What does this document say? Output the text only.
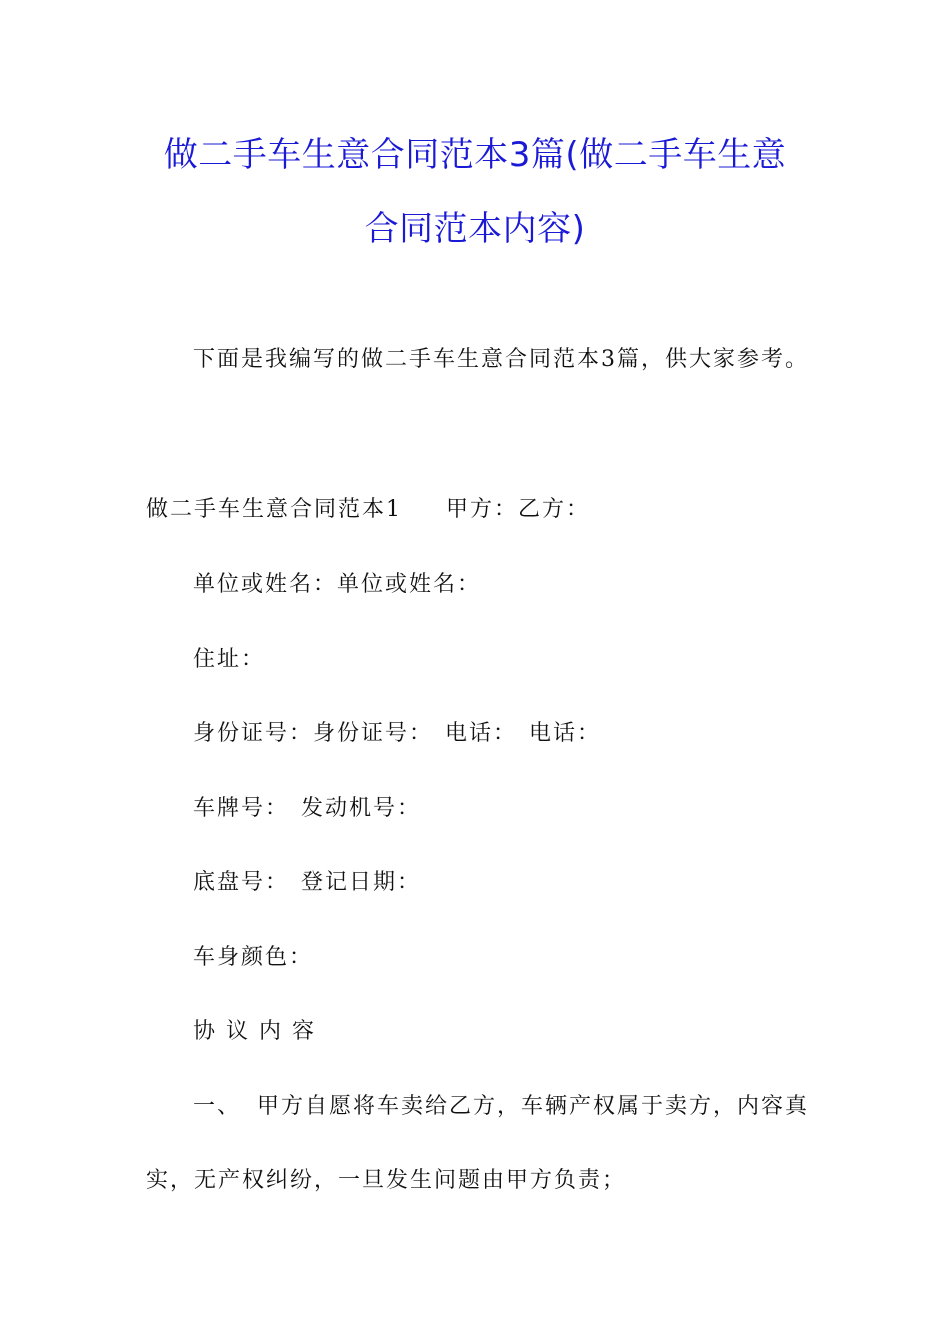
做二手车生意合同范本3篇(做二手车生意
合同范本内容)
下面是我编写的做二手车生意合同范本3篇，供大家参考。
做二手车生意合同范本1 甲方：乙方：
单位或姓名：单位或姓名：
住址：
身份证号：身份证号： 电话： 电话：
车牌号： 发动机号：
底盘号： 登记日期：
车身颜色：
协 议 内 容
一、 甲方自愿将车卖给乙方，车辆产权属于卖方，内容真
实，无产权纠纷，一旦发生问题由甲方负责；
